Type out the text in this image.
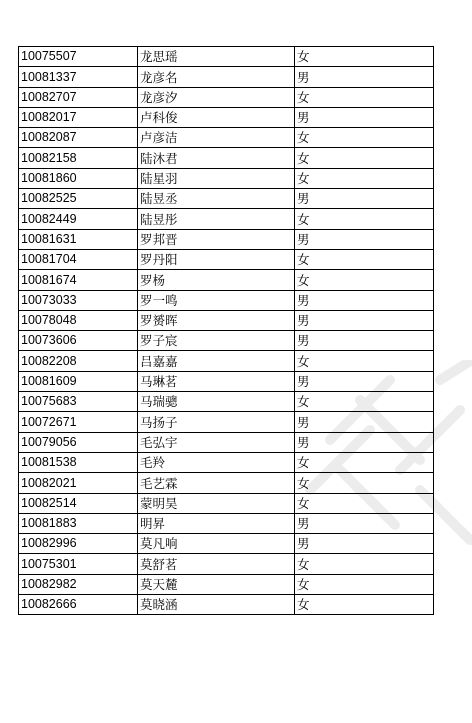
10075507	龙思瑶	女
10081337	龙彦名	男
10082707	龙彦汐	女
10082017	卢科俊	男
10082087	卢彦洁	女
10082158	陆沐君	女
10081860	陆星羽	女
10082525	陆昱丞	男
10082449	陆昱彤	女
10081631	罗邦晋	男
10081704	罗丹阳	女
10081674	罗杨	女
10073033	罗一鸣	男
10078048	罗赟晖	男
10073606	罗子宸	男
10082208	吕嘉嘉	女
10081609	马琳茗	男
10075683	马瑞骢	女
10072671	马扬子	男
10079056	毛弘宇	男
10081538	毛羚	女
10082021	毛艺霖	女
10082514	蒙明昊	女
10081883	明昇	男
10082996	莫凡响	男
10075301	莫舒茗	女
10082982	莫天麓	女
10082666	莫晓涵	女
